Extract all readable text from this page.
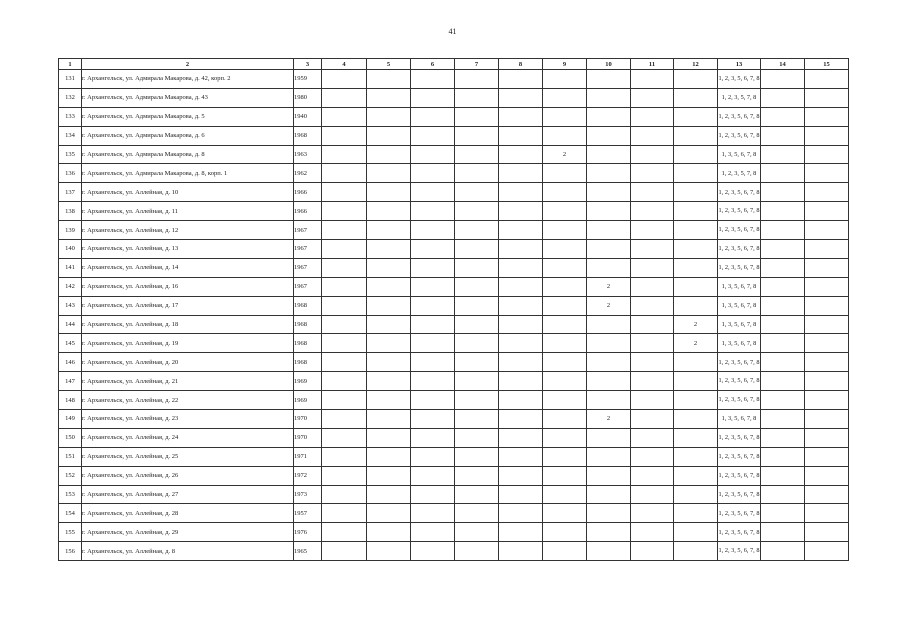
41
1	2	3	4	5	6	7	8	9	10	11	12	13	14	15
131	г. Архангельск, ул. Адмирала Макарова, д. 42, корп. 2	1959										1, 2, 3, 5, 6, 7, 8		
132	г. Архангельск, ул. Адмирала Макарова, д. 43	1980										1, 2, 3, 5, 7, 8		
133	г. Архангельск, ул. Адмирала Макарова, д. 5	1940										1, 2, 3, 5, 6, 7, 8		
134	г. Архангельск, ул. Адмирала Макарова, д. 6	1968										1, 2, 3, 5, 6, 7, 8		
135	г. Архангельск, ул. Адмирала Макарова, д. 8	1963						2				1, 3, 5, 6, 7, 8		
136	г. Архангельск, ул. Адмирала Макарова, д. 8, корп. 1	1962										1, 2, 3, 5, 7, 8		
137	г. Архангельск, ул. Аллейная, д. 10	1966										1, 2, 3, 5, 6, 7, 8		
138	г. Архангельск, ул. Аллейная, д. 11	1966										1, 2, 3, 5, 6, 7, 8		
139	г. Архангельск, ул. Аллейная, д. 12	1967										1, 2, 3, 5, 6, 7, 8		
140	г. Архангельск, ул. Аллейная, д. 13	1967										1, 2, 3, 5, 6, 7, 8		
141	г. Архангельск, ул. Аллейная, д. 14	1967										1, 2, 3, 5, 6, 7, 8		
142	г. Архангельск, ул. Аллейная, д. 16	1967							2			1, 3, 5, 6, 7, 8		
143	г. Архангельск, ул. Аллейная, д. 17	1968							2			1, 3, 5, 6, 7, 8		
144	г. Архангельск, ул. Аллейная, д. 18	1968									2	1, 3, 5, 6, 7, 8		
145	г. Архангельск, ул. Аллейная, д. 19	1968									2	1, 3, 5, 6, 7, 8		
146	г. Архангельск, ул. Аллейная, д. 20	1968										1, 2, 3, 5, 6, 7, 8		
147	г. Архангельск, ул. Аллейная, д. 21	1969										1, 2, 3, 5, 6, 7, 8		
148	г. Архангельск, ул. Аллейная, д. 22	1969										1, 2, 3, 5, 6, 7, 8		
149	г. Архангельск, ул. Аллейная, д. 23	1970							2			1, 3, 5, 6, 7, 8		
150	г. Архангельск, ул. Аллейная, д. 24	1970										1, 2, 3, 5, 6, 7, 8		
151	г. Архангельск, ул. Аллейная, д. 25	1971										1, 2, 3, 5, 6, 7, 8		
152	г. Архангельск, ул. Аллейная, д. 26	1972										1, 2, 3, 5, 6, 7, 8		
153	г. Архангельск, ул. Аллейная, д. 27	1973										1, 2, 3, 5, 6, 7, 8		
154	г. Архангельск, ул. Аллейная, д. 28	1957										1, 2, 3, 5, 6, 7, 8		
155	г. Архангельск, ул. Аллейная, д. 29	1976										1, 2, 3, 5, 6, 7, 8		
156	г. Архангельск, ул. Аллейная, д. 8	1965										1, 2, 3, 5, 6, 7, 8		
